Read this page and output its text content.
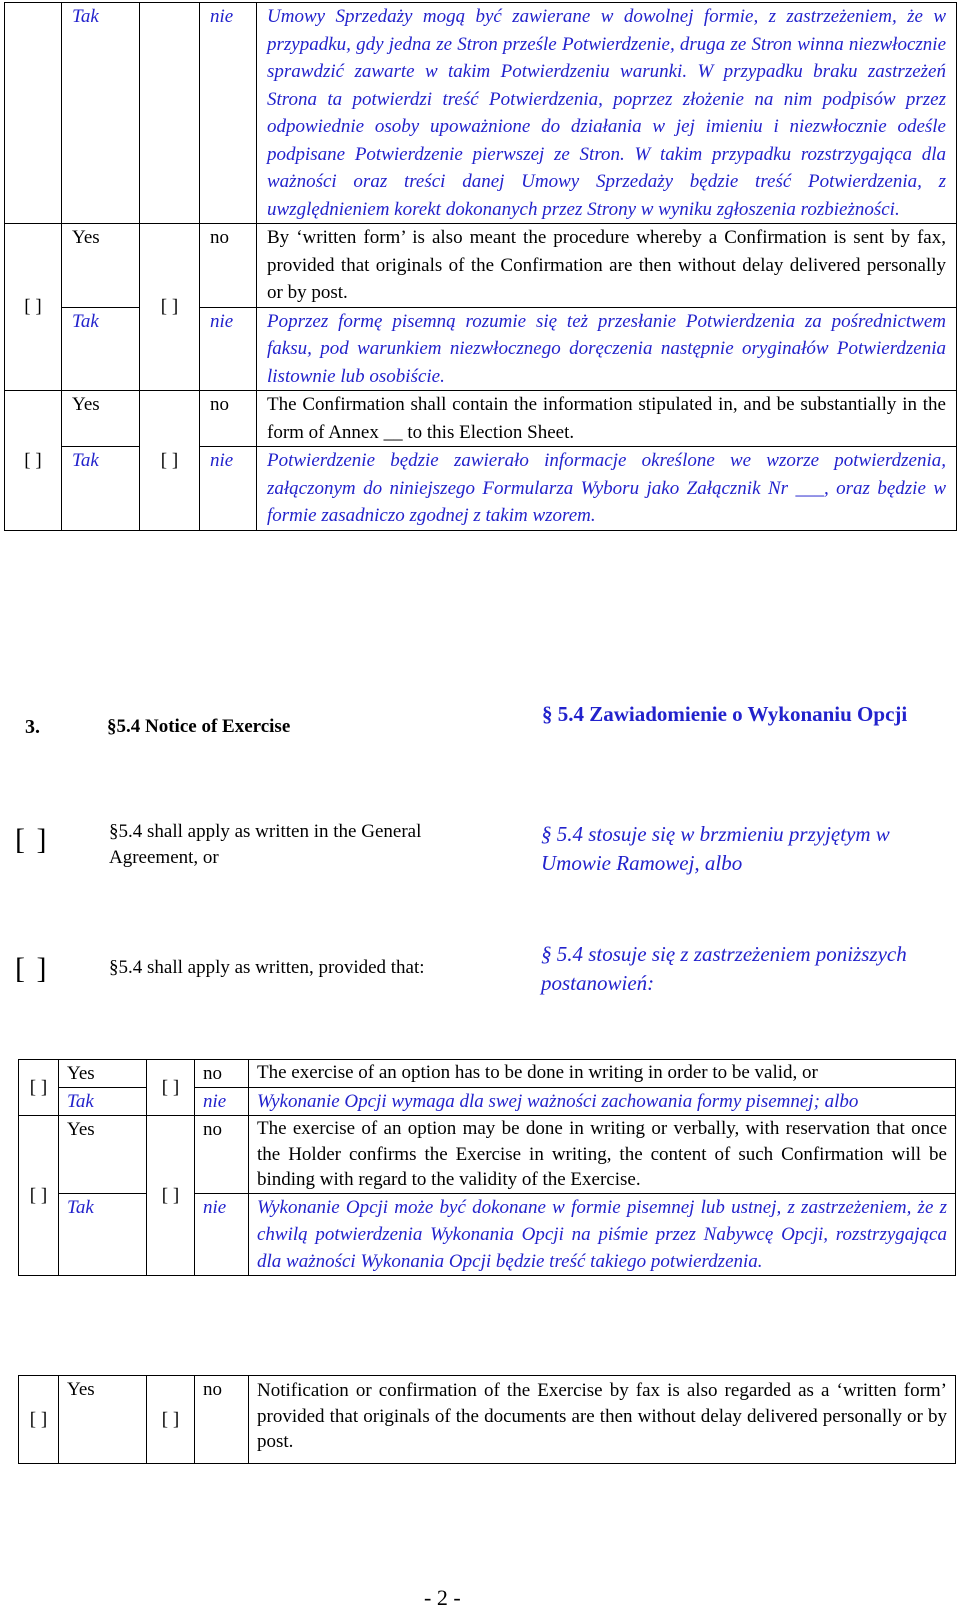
	Tak		nie	Umowy Sprzedaży mogą być zawierane w dowolnej formie, z zastrzeżeniem, że w przypadku, gdy jedna ze Stron prześle Potwierdzenie, druga ze Stron winna niezwłocznie sprawdzić zawarte w takim Potwierdzeniu warunki. W przypadku braku zastrzeżeń Strona ta potwierdzi treść Potwierdzenia, poprzez złożenie na nim podpisów przez odpowiednie osoby upoważnione do działania w jej imieniu i niezwłocznie odeśle podpisane Potwierdzenie pierwszej ze Stron. W takim przypadku rozstrzygająca dla ważności oraz treści danej Umowy Sprzedaży będzie treść Potwierdzenia, z uwzględnieniem korekt dokonanych przez Strony w wyniku zgłoszenia rozbieżności.
[ ]	Yes	[ ]	no	By ‘written form’ is also meant the procedure whereby a Confirmation is sent by fax, provided that originals of the Confirmation are then without delay delivered personally or by post.
	Tak		nie	Poprzez formę pisemną rozumie się też przesłanie Potwierdzenia za pośrednictwem faksu, pod warunkiem niezwłocznego doręczenia następnie oryginałów Potwierdzenia listownie lub osobiście.
[ ]	Yes	[ ]	no	The Confirmation shall contain the information stipulated in, and be substantially in the form of Annex __ to this Election Sheet.
	Tak		nie	Potwierdzenie będzie zawierało informacje określone we wzorze potwierdzenia, załączonym do niniejszego Formularza Wyboru jako Załącznik Nr ___, oraz będzie w formie zasadniczo zgodnej z takim wzorem.
3.	§5.4 Notice of Exercise
§ 5.4 Zawiadomienie o Wykonaniu Opcji
[ ]	§5.4 shall apply as written in the General Agreement, or
§ 5.4 stosuje się w brzmieniu przyjętym w Umowie Ramowej, albo
[ ]	§5.4 shall apply as written, provided that:
§ 5.4 stosuje się z zastrzeżeniem poniższych postanowień:
[ ]	Yes	[ ]	no	The exercise of an option has to be done in writing in order to be valid, or
	Tak		nie	Wykonanie Opcji wymaga dla swej ważności zachowania formy pisemnej; albo
[ ]	Yes	[ ]	no	The exercise of an option may be done in writing or verbally, with reservation that once the Holder confirms the Exercise in writing, the content of such Confirmation will be binding with regard to the validity of the Exercise.
	Tak		nie	Wykonanie Opcji może być dokonane w formie pisemnej lub ustnej, z zastrzeżeniem, że z chwilą potwierdzenia Wykonania Opcji na piśmie przez Nabywcę Opcji, rozstrzygająca dla ważności Wykonania Opcji będzie treść takiego potwierdzenia.
[ ]	Yes	[ ]	no	Notification or confirmation of the Exercise by fax is also regarded as a ‘written form’ provided that originals of the documents are then without delay delivered personally or by post.
- 2 -
